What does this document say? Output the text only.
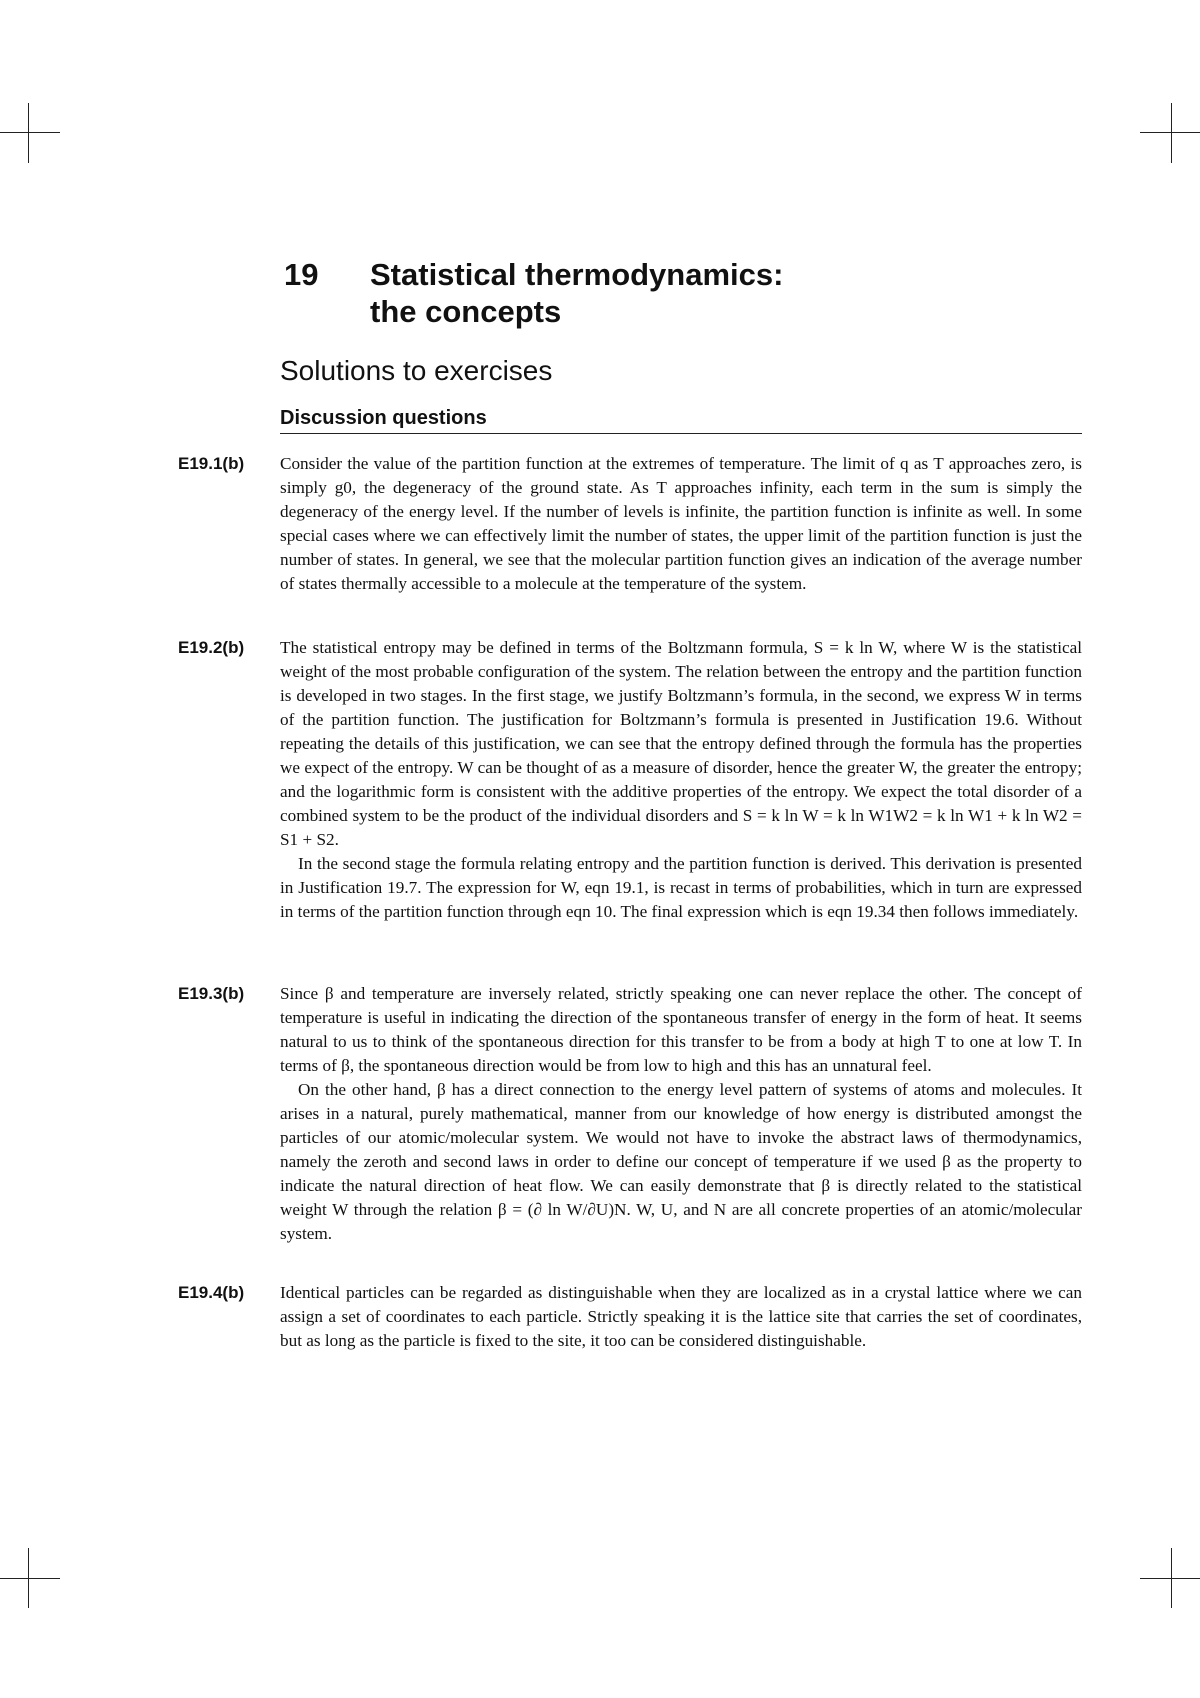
19 Statistical thermodynamics:
the concepts
Solutions to exercises
Discussion questions
E19.1(b) Consider the value of the partition function at the extremes of temperature. The limit of q as T approaches zero, is simply g0, the degeneracy of the ground state. As T approaches infinity, each term in the sum is simply the degeneracy of the energy level. If the number of levels is infinite, the partition function is infinite as well. In some special cases where we can effectively limit the number of states, the upper limit of the partition function is just the number of states. In general, we see that the molecular partition function gives an indication of the average number of states thermally accessible to a molecule at the temperature of the system.

E19.2(b) The statistical entropy may be defined in terms of the Boltzmann formula, S = k ln W, where W is the statistical weight of the most probable configuration of the system. The relation between the entropy and the partition function is developed in two stages. In the first stage, we justify Boltzmann’s formula, in the second, we express W in terms of the partition function. The justification for Boltzmann’s formula is presented in Justification 19.6. Without repeating the details of this justification, we can see that the entropy defined through the formula has the properties we expect of the entropy. W can be thought of as a measure of disorder, hence the greater W, the greater the entropy; and the logarithmic form is consistent with the additive properties of the entropy. We expect the total disorder of a combined system to be the product of the individual disorders and S = k ln W = k ln W1W2 = k ln W1 + k ln W2 = S1 + S2.

In the second stage the formula relating entropy and the partition function is derived. This derivation is presented in Justification 19.7. The expression for W, eqn 19.1, is recast in terms of probabilities, which in turn are expressed in terms of the partition function through eqn 10. The final expression which is eqn 19.34 then follows immediately.

E19.3(b) Since β and temperature are inversely related, strictly speaking one can never replace the other. The concept of temperature is useful in indicating the direction of the spontaneous transfer of energy in the form of heat. It seems natural to us to think of the spontaneous direction for this transfer to be from a body at high T to one at low T. In terms of β, the spontaneous direction would be from low to high and this has an unnatural feel.

On the other hand, β has a direct connection to the energy level pattern of systems of atoms and molecules. It arises in a natural, purely mathematical, manner from our knowledge of how energy is distributed amongst the particles of our atomic/molecular system. We would not have to invoke the abstract laws of thermodynamics, namely the zeroth and second laws in order to define our concept of temperature if we used β as the property to indicate the natural direction of heat flow. We can easily demonstrate that β is directly related to the statistical weight W through the relation β = (∂ ln W/∂U)N. W, U, and N are all concrete properties of an atomic/molecular system.

E19.4(b) Identical particles can be regarded as distinguishable when they are localized as in a crystal lattice where we can assign a set of coordinates to each particle. Strictly speaking it is the lattice site that carries the set of coordinates, but as long as the particle is fixed to the site, it too can be considered distinguishable.
